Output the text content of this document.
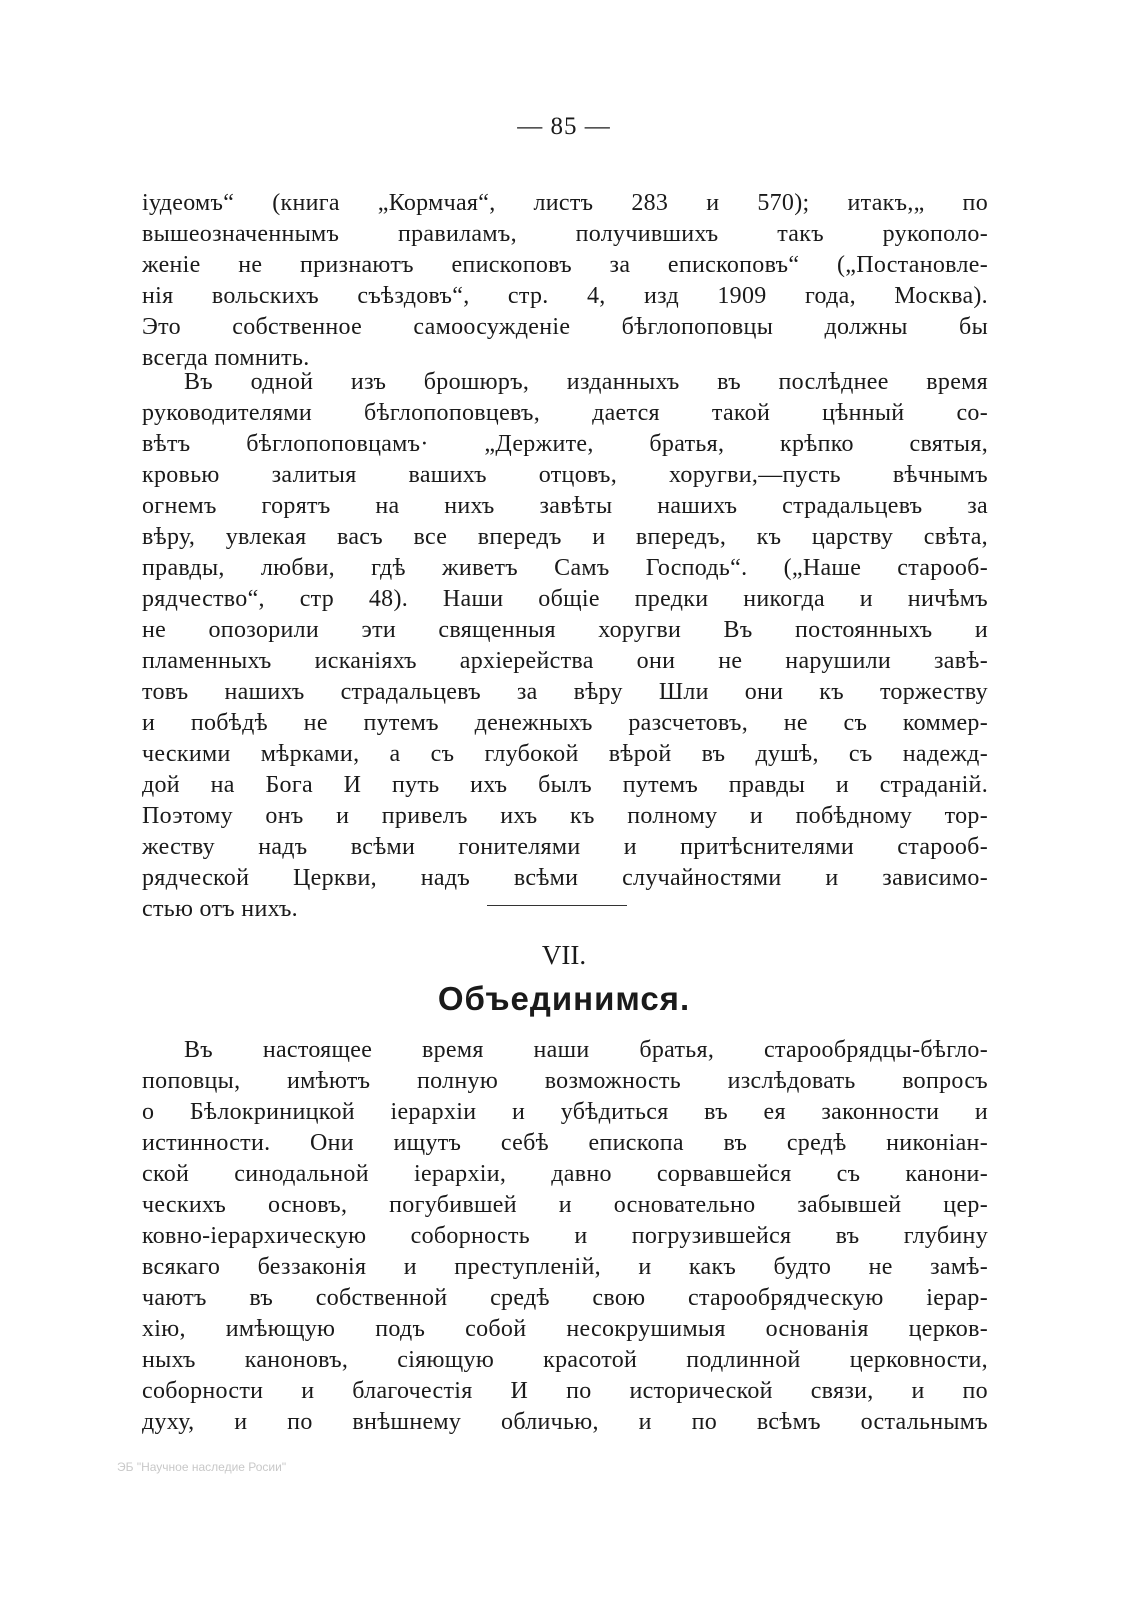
— 85 —
іудеомъ“ (книга „Кормчая“, листъ 283 и 570); итакъ,„ по
вышеозначеннымъ правиламъ, получившихъ такъ рукополо-
женіе не признаютъ епископовъ за епископовъ“ („Постановле-
нія вольскихъ съѣздовъ“, стр. 4, изд 1909 года, Москва).
Это собственное самоосужденіе бѣглопоповцы должны бы
всегда помнить.
Въ одной изъ брошюръ, изданныхъ въ послѣднее время
руководителями бѣглопоповцевъ, дается такой цѣнный со-
вѣтъ бѣглопоповцамъ· „Держите, братья, крѣпко святыя,
кровью залитыя вашихъ отцовъ, хоругви,—пусть вѣчнымъ
огнемъ горятъ на нихъ завѣты нашихъ страдальцевъ за
вѣру, увлекая васъ все впередъ и впередъ, къ царству свѣта,
правды, любви, гдѣ живетъ Самъ Господь“. („Наше старооб-
рядчество“, стр 48). Наши общіе предки никогда и ничѣмъ
не опозорили эти священныя хоругви Въ постоянныхъ и
пламенныхъ исканіяхъ архіерейства они не нарушили завѣ-
товъ нашихъ страдальцевъ за вѣру Шли они къ торжеству
и побѣдѣ не путемъ денежныхъ разсчетовъ, не съ коммер-
ческими мѣрками, а съ глубокой вѣрой въ душѣ, съ надежд-
дой на Бога И путь ихъ былъ путемъ правды и страданій.
Поэтому онъ и привелъ ихъ къ полному и побѣдному тор-
жеству надъ всѣми гонителями и притѣснителями старооб-
рядческой Церкви, надъ всѣми случайностями и зависимо-
стью отъ нихъ.
VII.
Объединимся.
Въ настоящее время наши братья, старообрядцы-бѣгло-
поповцы, имѣютъ полную возможность изслѣдовать вопросъ
о Бѣлокриницкой іерархіи и убѣдиться въ ея законности и
истинности. Они ищутъ себѣ епископа въ средѣ никоніан-
ской синодальной іерархіи, давно сорвавшейся съ канони-
ческихъ основъ, погубившей и основательно забывшей цер-
ковно-іерархическую соборность и погрузившейся въ глубину
всякаго беззаконія и преступленій, и какъ будто не замѣ-
чаютъ въ собственной средѣ свою старообрядческую іерар-
хію, имѣющую подъ собой несокрушимыя основанія церков-
ныхъ каноновъ, сіяющую красотой подлинной церковности,
соборности и благочестія И по исторической связи, и по
духу, и по внѣшнему обличью, и по всѣмъ остальнымъ
ЭБ "Научное наследие Росии"
